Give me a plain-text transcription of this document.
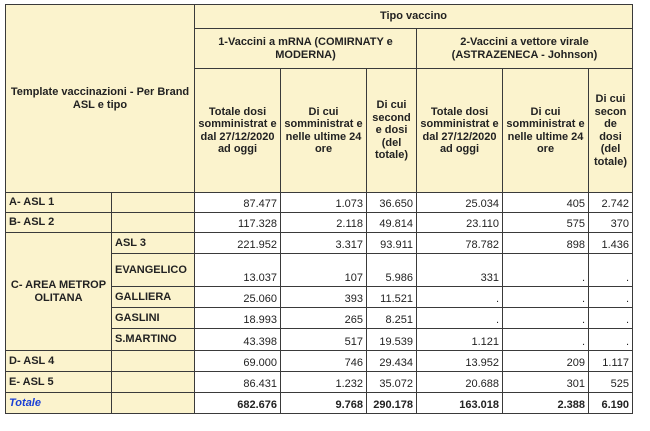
Template vaccinazioni - Per Brand ASL e tipo		Tipo vaccino					
		1-Vaccini a mRNA (COMIRNATY e MODERNA)			2-Vaccini a vettore virale (ASTRAZENECA - Johnson)		
		Totale dosi somministrat e dal 27/12/2020 ad oggi	Di cui somministrat e nelle ultime 24 ore	Di cui second e dosi (del totale)	Totale dosi somministrat e dal 27/12/2020 ad oggi	Di cui somministrat e nelle ultime 24 ore	Di cui secon de dosi (del totale)
A- ASL 1		87.477	1.073	36.650	25.034	405	2.742
B- ASL 2		117.328	2.118	49.814	23.110	575	370
C- AREA METROPOLITANA	ASL 3	221.952	3.317	93.911	78.782	898	1.436
	EVANGELICO	13.037	107	5.986	331	.	.
	GALLIERA	25.060	393	11.521	.	.	.
	GASLINI	18.993	265	8.251	.	.	.
	S.MARTINO	43.398	517	19.539	1.121	.	.
D- ASL 4		69.000	746	29.434	13.952	209	1.117
E- ASL 5		86.431	1.232	35.072	20.688	301	525
Totale		682.676	9.768	290.178	163.018	2.388	6.190
